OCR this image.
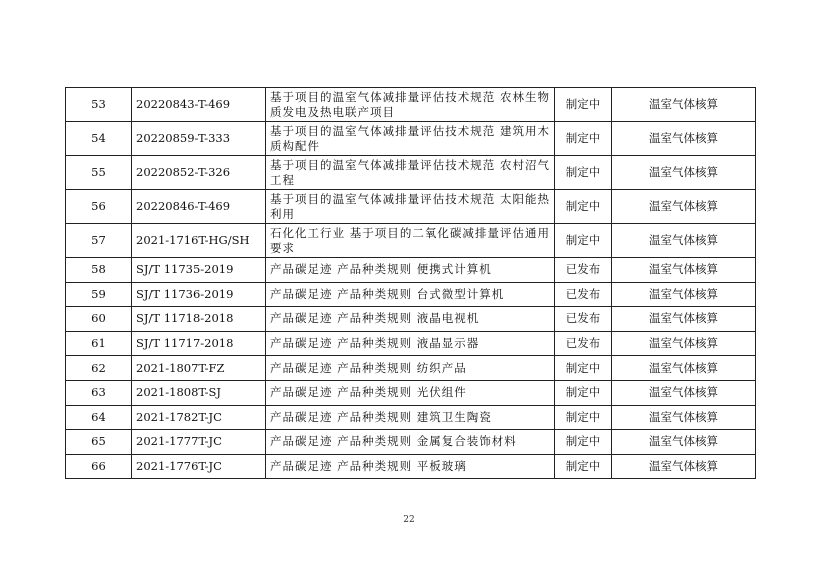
53	20220843-T-469	基于项目的温室气体减排量评估技术规范 农林生物质发电及热电联产项目	制定中	温室气体核算
54	20220859-T-333	基于项目的温室气体减排量评估技术规范 建筑用木质构配件	制定中	温室气体核算
55	20220852-T-326	基于项目的温室气体减排量评估技术规范 农村沼气工程	制定中	温室气体核算
56	20220846-T-469	基于项目的温室气体减排量评估技术规范 太阳能热利用	制定中	温室气体核算
57	2021-1716T-HG/SH	石化化工行业 基于项目的二氧化碳减排量评估通用要求	制定中	温室气体核算
58	SJ/T 11735-2019	产品碳足迹 产品种类规则 便携式计算机	已发布	温室气体核算
59	SJ/T 11736-2019	产品碳足迹 产品种类规则 台式微型计算机	已发布	温室气体核算
60	SJ/T 11718-2018	产品碳足迹 产品种类规则 液晶电视机	已发布	温室气体核算
61	SJ/T 11717-2018	产品碳足迹 产品种类规则 液晶显示器	已发布	温室气体核算
62	2021-1807T-FZ	产品碳足迹 产品种类规则 纺织产品	制定中	温室气体核算
63	2021-1808T-SJ	产品碳足迹 产品种类规则 光伏组件	制定中	温室气体核算
64	2021-1782T-JC	产品碳足迹 产品种类规则 建筑卫生陶瓷	制定中	温室气体核算
65	2021-1777T-JC	产品碳足迹 产品种类规则 金属复合装饰材料	制定中	温室气体核算
66	2021-1776T-JC	产品碳足迹 产品种类规则 平板玻璃	制定中	温室气体核算
22
